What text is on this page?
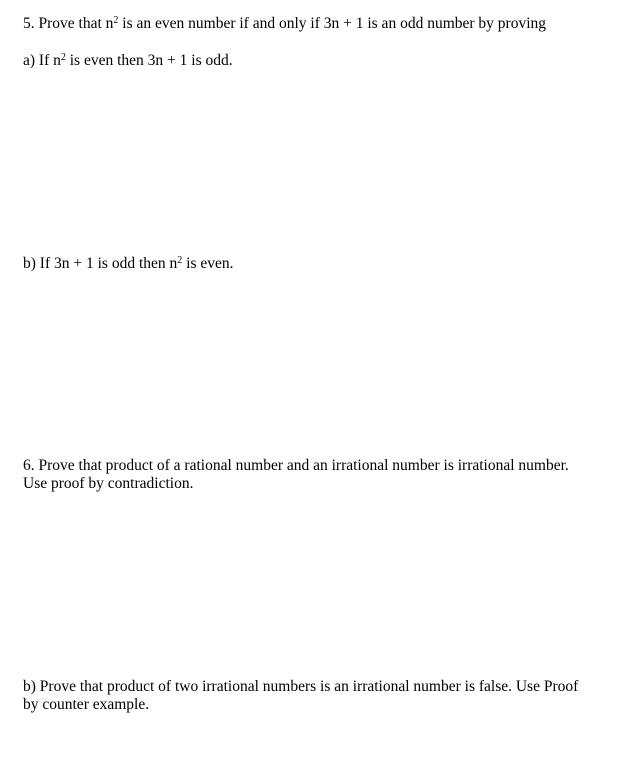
5. Prove that $n^2$ is an even number if and only if 3n + 1 is an odd number by proving
a) If $n^2$ is even then 3n + 1 is odd.
b) If 3n + 1 is odd then $n^2$ is even.
6. Prove that product of a rational number and an irrational number is irrational number.
Use proof by contradiction.
b) Prove that product of two irrational numbers is an irrational number is false. Use Proof
by counter example.
